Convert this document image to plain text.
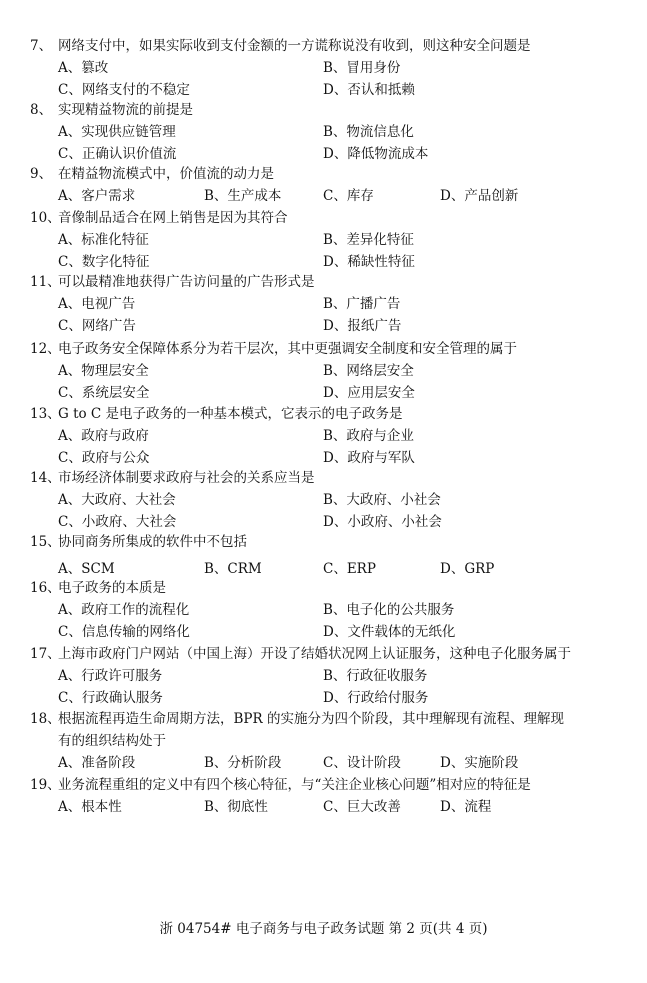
7、 网络支付中，如果实际收到支付金额的一方谎称说没有收到，则这种安全问题是
A、篡改	B、冒用身份
C、网络支付的不稳定	D、否认和抵赖
8、 实现精益物流的前提是
A、实现供应链管理	B、物流信息化
C、正确认识价值流	D、降低物流成本
9、 在精益物流模式中，价值流的动力是
A、客户需求	B、生产成本	C、库存	D、产品创新
10、
音像制品适合在网上销售是因为其符合
A、标准化特征	B、差异化特征
C、数字化特征	D、稀缺性特征
11、
可以最精准地获得广告访问量的广告形式是
A、电视广告	B、广播广告
C、网络广告	D、报纸广告
12、
电子政务安全保障体系分为若干层次，其中更强调安全制度和安全管理的属于
A、物理层安全	B、网络层安全
C、系统层安全	D、应用层安全
13、
G to C 是电子政务的一种基本模式，它表示的电子政务是
A、政府与政府	B、政府与企业
C、政府与公众	D、政府与军队
14、
市场经济体制要求政府与社会的关系应当是
A、大政府、大社会	B、大政府、小社会
C、小政府、大社会	D、小政府、小社会
15、
协同商务所集成的软件中不包括
A、SCM	B、CRM	C、ERP	D、GRP
16、
电子政务的本质是
A、政府工作的流程化	B、电子化的公共服务
C、信息传输的网络化	D、文件载体的无纸化
17、
上海市政府门户网站（中国上海）开设了结婚状况网上认证服务，这种电子化服务属于
A、行政许可服务	B、行政征收服务
C、行政确认服务	D、行政给付服务
18、
根据流程再造生命周期方法，BPR 的实施分为四个阶段，其中理解现有流程、理解现
有的组织结构处于
A、准备阶段	B、分析阶段	C、设计阶段	D、实施阶段
19、
业务流程重组的定义中有四个核心特征，与“关注企业核心问题”相对应的特征是
A、根本性	B、彻底性	C、巨大改善	D、流程
浙 04754# 电子商务与电子政务试题 第 2 页(共 4 页)
